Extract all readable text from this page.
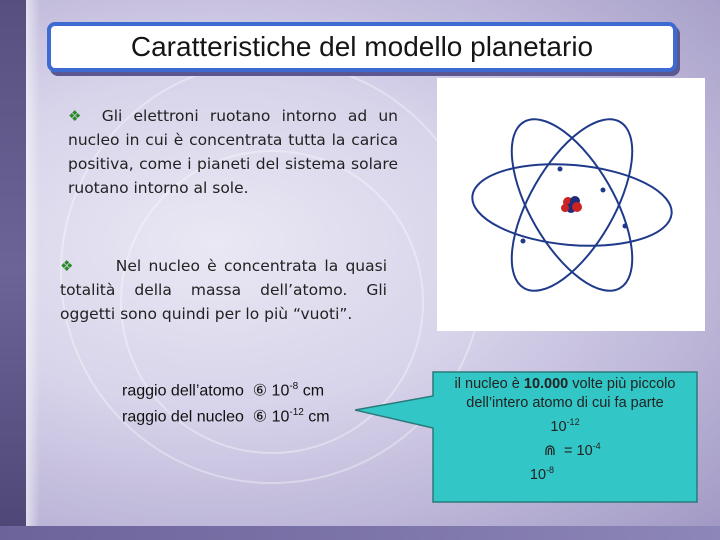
Caratteristiche del modello planetario
❖ Gli elettroni ruotano intorno ad un nucleo in cui è concentrata tutta la carica positiva, come i pianeti del sistema solare ruotano intorno al sole.
❖	Nel nucleo è concentrata la quasi totalità della massa dell’atomo. Gli oggetti sono quindi per lo più “vuoti”.
raggio dell’atomo ⑥ $10^{-8}$ cm
raggio del nucleo ⑥ $10^{-12}$ cm
il nucleo è 10.000 volte più piccolo dell’intero atomo di cui fa parte
$10^{-12}$
 ⋒  = $10^{-4}$
$10^{-8}$
